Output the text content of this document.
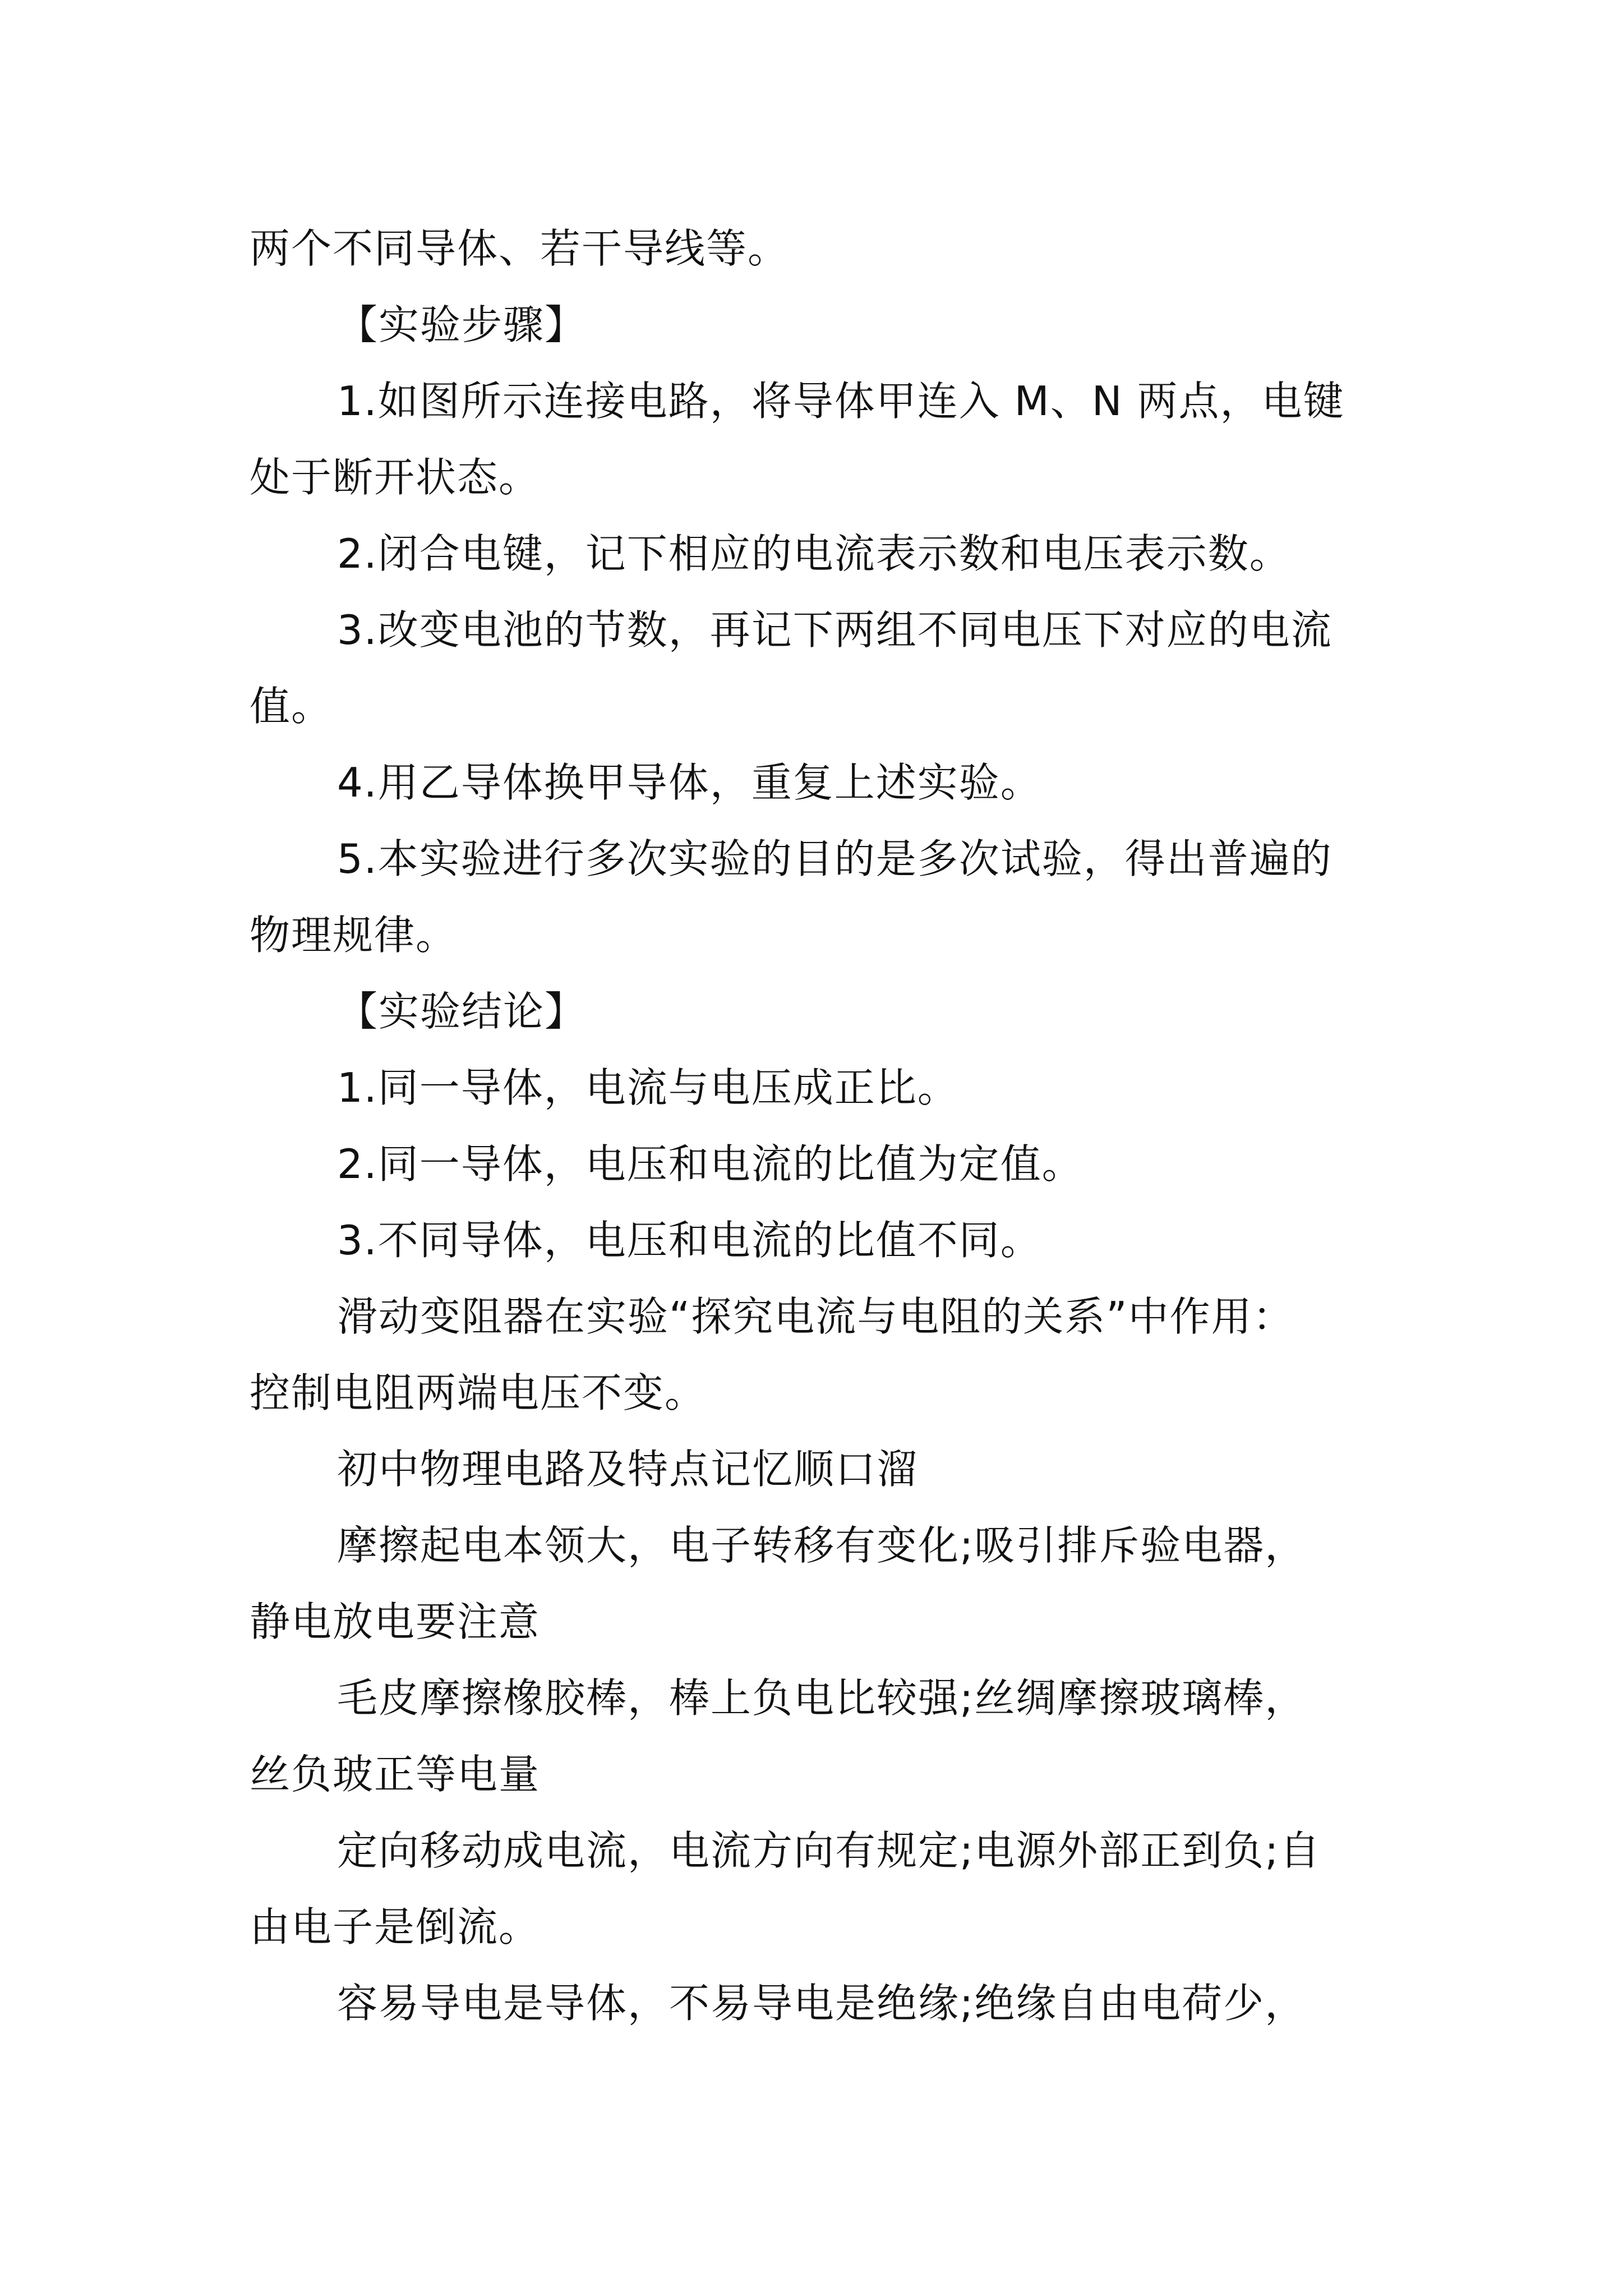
两个不同导体、若干导线等。
【实验步骤】
1.如图所示连接电路，将导体甲连入 M、N 两点，电键
处于断开状态。
2.闭合电键，记下相应的电流表示数和电压表示数。
3.改变电池的节数，再记下两组不同电压下对应的电流
值。
4.用乙导体换甲导体，重复上述实验。
5.本实验进行多次实验的目的是多次试验，得出普遍的
物理规律。
【实验结论】
1.同一导体，电流与电压成正比。
2.同一导体，电压和电流的比值为定值。
3.不同导体，电压和电流的比值不同。
滑动变阻器在实验“探究电流与电阻的关系”中作用：
控制电阻两端电压不变。
初中物理电路及特点记忆顺口溜
摩擦起电本领大，电子转移有变化;吸引排斥验电器，
静电放电要注意
毛皮摩擦橡胶棒，棒上负电比较强;丝绸摩擦玻璃棒，
丝负玻正等电量
定向移动成电流，电流方向有规定;电源外部正到负;自
由电子是倒流。
容易导电是导体，不易导电是绝缘;绝缘自由电荷少，
